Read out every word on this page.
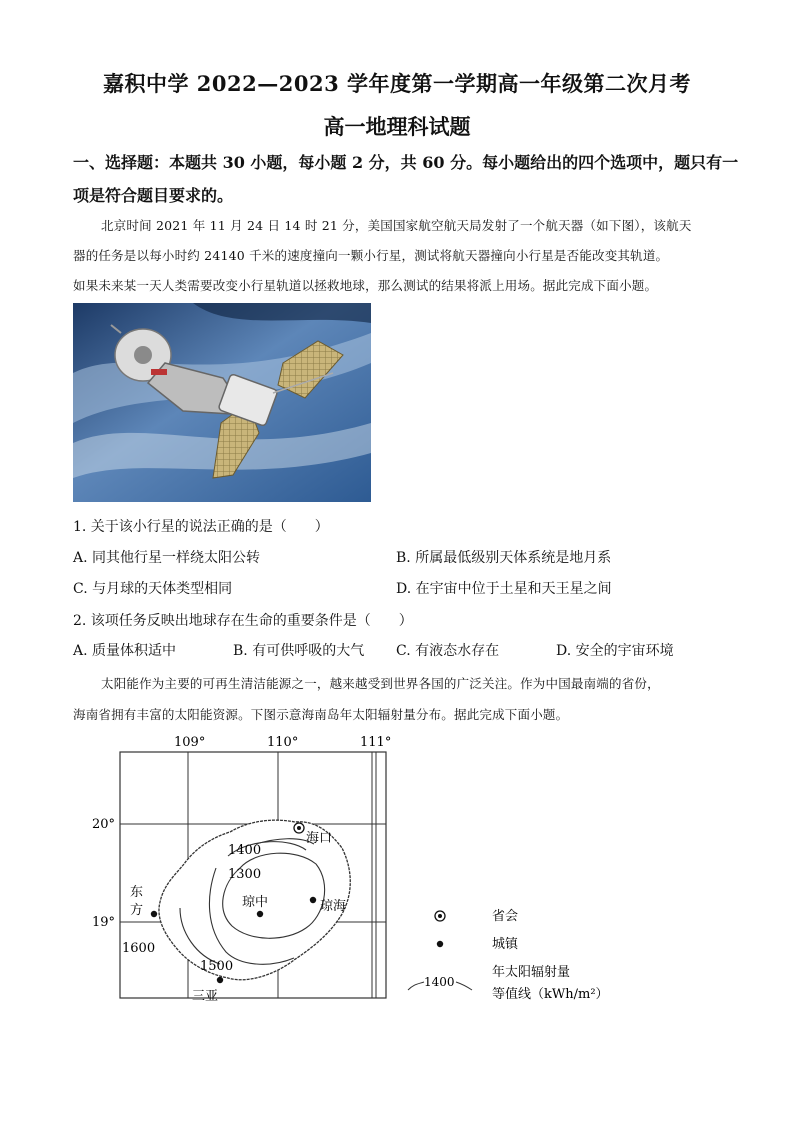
嘉积中学 2022—2023 学年度第一学期高一年级第二次月考
高一地理科试题
一、选择题：本题共 30 小题，每小题 2 分，共 60 分。每小题给出的四个选项中，题只有一
项是符合题目要求的。
北京时间 2021 年 11 月 24 日 14 时 21 分，美国国家航空航天局发射了一个航天器（如下图），该航天
器的任务是以每小时约 24140 千米的速度撞向一颗小行星，测试将航天器撞向小行星是否能改变其轨道。
如果未来某一天人类需要改变小行星轨道以拯救地球，那么测试的结果将派上用场。据此完成下面小题。
1. 关于该小行星的说法正确的是（　　）
A. 同其他行星一样绕太阳公转	B. 所属最低级别天体系统是地月系
C. 与月球的天体类型相同	D. 在宇宙中位于土星和天王星之间
2. 该项任务反映出地球存在生命的重要条件是（　　）
A. 质量体积适中	B. 有可供呼吸的大气 C. 有液态水存在	D. 安全的宇宙环境
太阳能作为主要的可再生清洁能源之一，越来越受到世界各国的广泛关注。作为中国最南端的省份，
海南省拥有丰富的太阳能资源。下图示意海南岛年太阳辐射量分布。据此完成下面小题。
109°	110°	111°
20°
19°
1400
1300
1500
1600
海口
琼中	琼海
东
方
三亚
省会
城镇
1400
年太阳辐射量
等值线（kWh/m²）
